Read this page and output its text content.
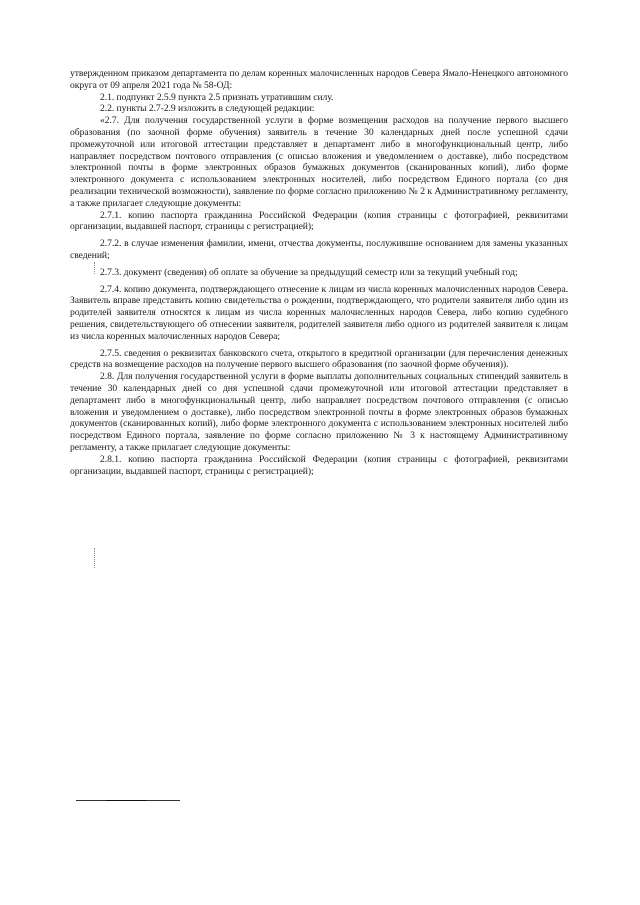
утвержденном приказом департамента по делам коренных малочисленных народов Севера Ямало-Ненецкого автономного округа от 09 апреля 2021 года № 58-ОД:

2.1. подпункт 2.5.9 пункта 2.5 признать утратившим силу.

2.2. пункты 2.7-2.9 изложить в следующей редакции:

«2.7. Для получения государственной услуги в форме возмещения расходов на получение первого высшего образования (по заочной форме обучения) заявитель в течение 30 календарных дней после успешной сдачи промежуточной или итоговой аттестации представляет в департамент либо в многофункциональный центр, либо направляет посредством почтового отправления (с описью вложения и уведомлением о доставке), либо посредством электронной почты в форме электронных образов бумажных документов (сканированных копий), либо форме электронного документа с использованием электронных носителей, либо посредством Единого портала (со дня реализации технической возможности), заявление по форме согласно приложению № 2 к Административному регламенту, а также прилагает следующие документы:

2.7.1. копию паспорта гражданина Российской Федерации (копия страницы с фотографией, реквизитами организации, выдавшей паспорт, страницы с регистрацией);

2.7.2. в случае изменения фамилии, имени, отчества документы, послужившие основанием для замены указанных сведений;

2.7.3. документ (сведения) об оплате за обучение за предыдущий семестр или за текущий учебный год;

2.7.4. копию документа, подтверждающего отнесение к лицам из числа коренных малочисленных народов Севера. Заявитель вправе представить копию свидетельства о рождении, подтверждающего, что родители заявителя либо один из родителей заявителя относятся к лицам из числа коренных малочисленных народов Севера, либо копию судебного решения, свидетельствующего об отнесении заявителя, родителей заявителя либо одного из родителей заявителя к лицам из числа коренных малочисленных народов Севера;

2.7.5. сведения о реквизитах банковского счета, открытого в кредитной организации (для перечисления денежных средств на возмещение расходов на получение первого высшего образования (по заочной форме обучения)).

2.8. Для получения государственной услуги в форме выплаты дополнительных социальных стипендий заявитель в течение 30 календарных дней со дня успешной сдачи промежуточной или итоговой аттестации представляет в департамент либо в многофункциональный центр, либо направляет посредством почтового отправления (с описью вложения и уведомлением о доставке), либо посредством электронной почты в форме электронных образов бумажных документов (сканированных копий), либо форме электронного документа с использованием электронных носителей либо посредством Единого портала, заявление по форме согласно приложению № 3 к настоящему Административному регламенту, а также прилагает следующие документы:

2.8.1. копию паспорта гражданина Российской Федерации (копия страницы с фотографией, реквизитами организации, выдавшей паспорт, страницы с регистрацией);
